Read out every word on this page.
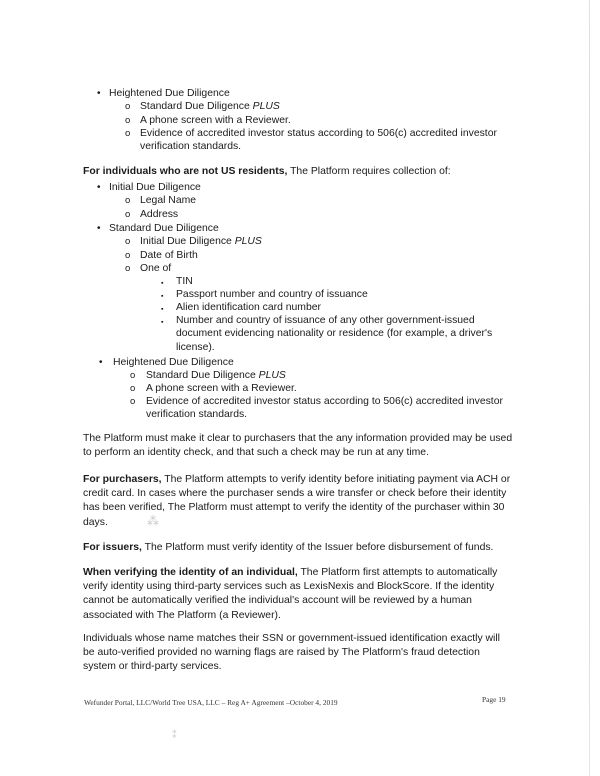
• Heightened Due Diligence
o Standard Due Diligence PLUS
o A phone screen with a Reviewer.
o Evidence of accredited investor status according to 506(c) accredited investor
verification standards.
For individuals who are not US residents, The Platform requires collection of:
• Initial Due Diligence
o Legal Name
o Address
• Standard Due Diligence
o Initial Due Diligence PLUS
o Date of Birth
o One of
▪ TIN
▪ Passport number and country of issuance
▪ Alien identification card number
▪ Number and country of issuance of any other government-issued
document evidencing nationality or residence (for example, a driver's
license).
• Heightened Due Diligence
o Standard Due Diligence PLUS
o A phone screen with a Reviewer.
o Evidence of accredited investor status according to 506(c) accredited investor
verification standards.
The Platform must make it clear to purchasers that the any information provided may be used to perform an identity check, and that such a check may be run at any time.
For purchasers, The Platform attempts to verify identity before initiating payment via ACH or credit card. In cases where the purchaser sends a wire transfer or check before their identity has been verified, The Platform must attempt to verify the identity of the purchaser within 30 days.
For issuers, The Platform must verify identity of the Issuer before disbursement of funds.
When verifying the identity of an individual, The Platform first attempts to automatically verify identity using third-party services such as LexisNexis and BlockScore. If the identity cannot be automatically verified the individual's account will be reviewed by a human associated with The Platform (a Reviewer).
Individuals whose name matches their SSN or government-issued identification exactly will be auto-verified provided no warning flags are raised by The Platform's fraud detection system or third-party services.
Wefunder Portal, LLC/World Tree USA, LLC – Reg A+ Agreement –October 4, 2019	Page 19
⁂
⁑
